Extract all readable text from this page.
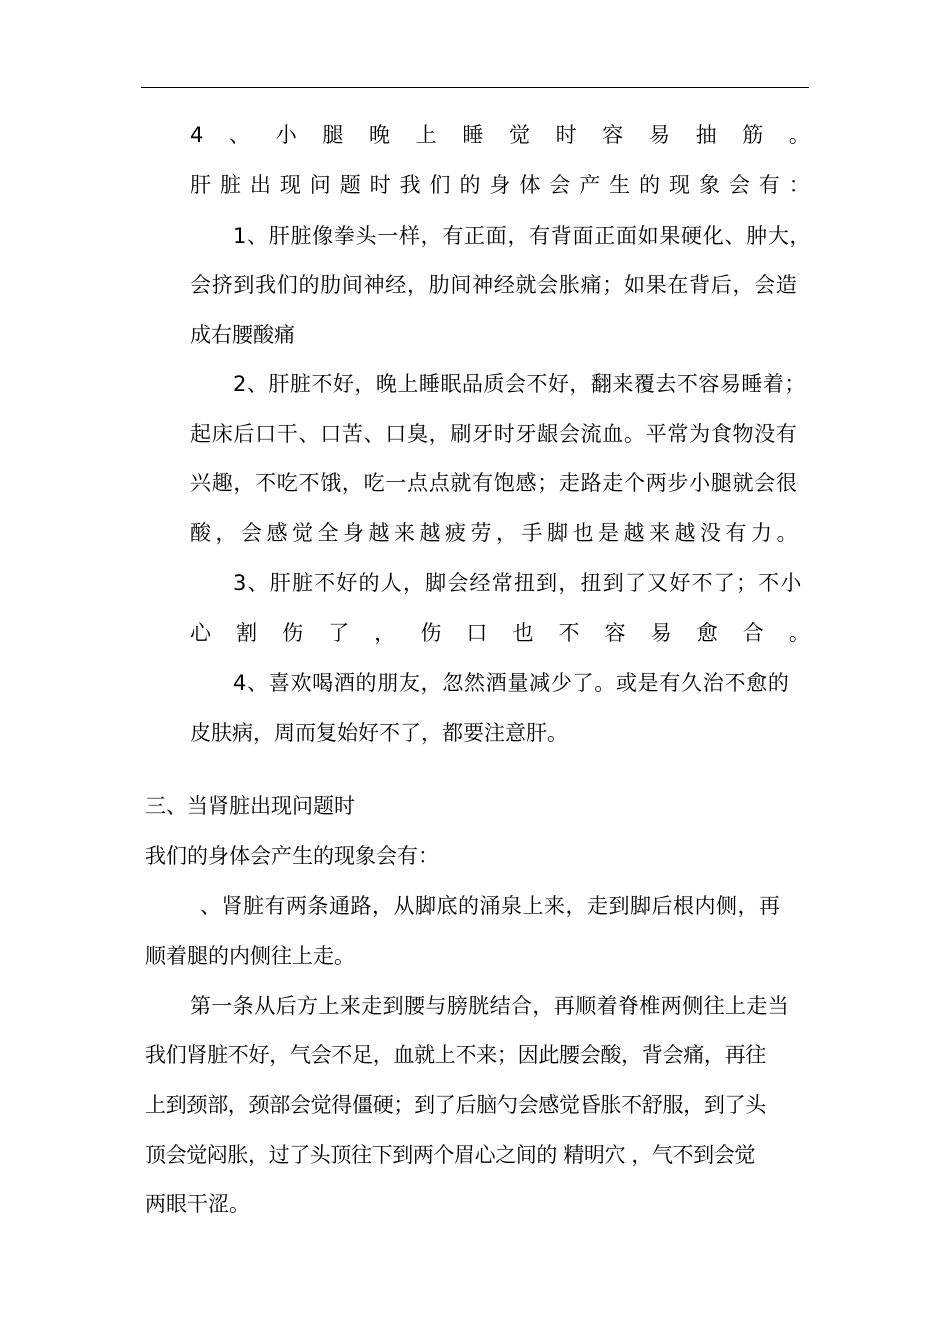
4 、 小 腿 晚 上 睡 觉 时 容 易 抽 筋 。
肝 脏 出 现 问 题 时 我 们 的 身 体 会 产 生 的 现 象 会 有 ：
1、肝脏像拳头一样，有正面，有背面正面如果硬化、肿大，
会挤到我们的肋间神经，肋间神经就会胀痛；如果在背后，会造
成右腰酸痛
2、肝脏不好，晚上睡眠品质会不好，翻来覆去不容易睡着；
起床后口干、口苦、口臭，刷牙时牙龈会流血。平常为食物没有
兴趣，不吃不饿，吃一点点就有饱感；走路走个两步小腿就会很
酸，会感觉全身越来越疲劳，手脚也是越来越没有力。
3、肝脏不好的人，脚会经常扭到，扭到了又好不了；不小
心 割 伤 了 ， 伤 口 也 不 容 易 愈 合 。
4、喜欢喝酒的朋友，忽然酒量减少了。或是有久治不愈的
皮肤病，周而复始好不了，都要注意肝。
三、当肾脏出现问题时
我们的身体会产生的现象会有：
、肾脏有两条通路，从脚底的涌泉上来，走到脚后根内侧，再
顺着腿的内侧往上走。
第一条从后方上来走到腰与膀胱结合，再顺着脊椎两侧往上走当
我们肾脏不好，气会不足，血就上不来；因此腰会酸，背会痛，再往
上到颈部，颈部会觉得僵硬；到了后脑勺会感觉昏胀不舒服，到了头
顶会觉闷胀，过了头顶往下到两个眉心之间的 精明穴 ，气不到会觉
两眼干涩。
